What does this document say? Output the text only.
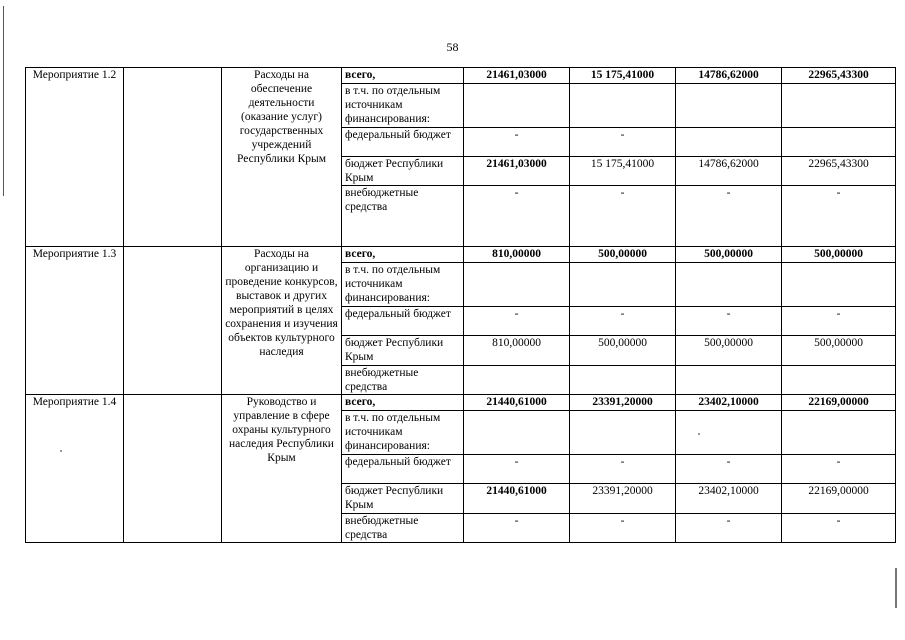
58
Мероприятие 1.2		Расходы на обеспечение деятельности (оказание услуг) государственных учреждений Республики Крым	всего,	21461,03000	15 175,41000	14786,62000	22965,43300
			в т.ч. по отдельным источникам финансирования:				
			федеральный бюджет	-	-		
			бюджет Республики Крым	21461,03000	15 175,41000	14786,62000	22965,43300
			внебюджетные средства	-	-	-	-
Мероприятие 1.3		Расходы на организацию и проведение конкурсов, выставок и других мероприятий в целях сохранения и изучения объектов культурного наследия	всего,	810,00000	500,00000	500,00000	500,00000
			в т.ч. по отдельным источникам финансирования:				
			федеральный бюджет	-	-	-	-
			бюджет Республики Крым	810,00000	500,00000	500,00000	500,00000
			внебюджетные средства				
Мероприятие 1.4		Руководство и управление в сфере охраны культурного наследия Республики Крым	всего,	21440,61000	23391,20000	23402,10000	22169,00000
			в т.ч. по отдельным источникам финансирования:				
			федеральный бюджет	-	-	-	-
			бюджет Республики Крым	21440,61000	23391,20000	23402,10000	22169,00000
			внебюджетные средства	-	-	-	-
